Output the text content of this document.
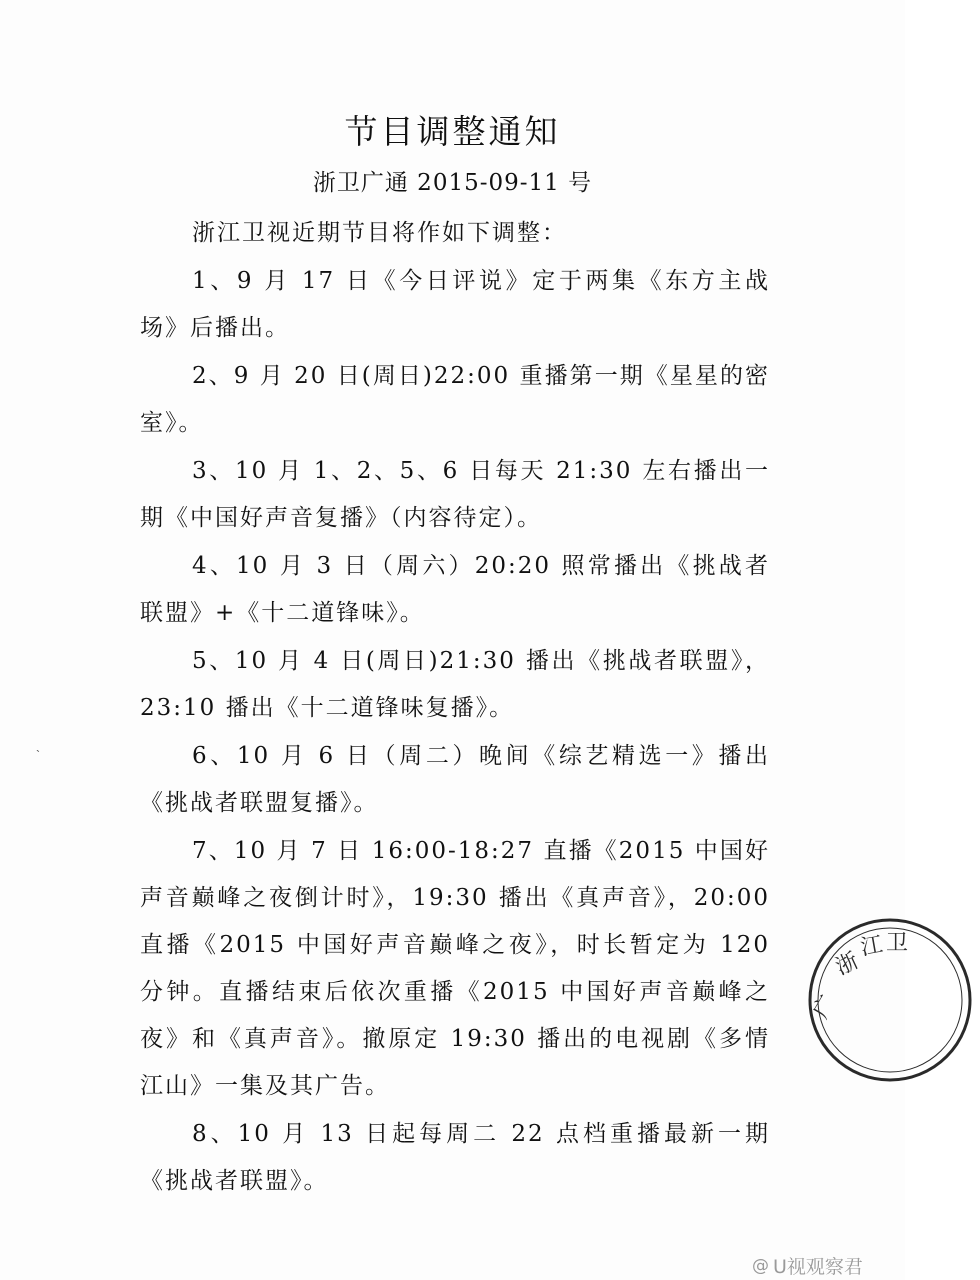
节目调整通知
浙卫广通 2015-09-11 号

浙江卫视近期节目将作如下调整：

1、9 月 17 日《今日评说》定于两集《东方主战场》后播出。

2、9 月 20 日(周日)22:00 重播第一期《星星的密室》。

3、10 月 1、2、5、6 日每天 21:30 左右播出一期《中国好声音复播》（内容待定）。

4、10 月 3 日（周六）20:20 照常播出《挑战者联盟》+《十二道锋味》。

5、10 月 4 日(周日)21:30 播出《挑战者联盟》，23:10 播出《十二道锋味复播》。

6、10 月 6 日（周二）晚间《综艺精选一》播出《挑战者联盟复播》。

7、10 月 7 日 16:00-18:27 直播《2015 中国好声音巅峰之夜倒计时》，19:30 播出《真声音》，20:00 直播《2015 中国好声音巅峰之夜》，时长暂定为 120 分钟。直播结束后依次重播《2015 中国好声音巅峰之夜》和《真声音》。撤原定 19:30 播出的电视剧《多情江山》一集及其广告。

8、10 月 13 日起每周二 22 点档重播最新一期《挑战者联盟》。

˴
浙
江 卫
广
@ U视观察君
